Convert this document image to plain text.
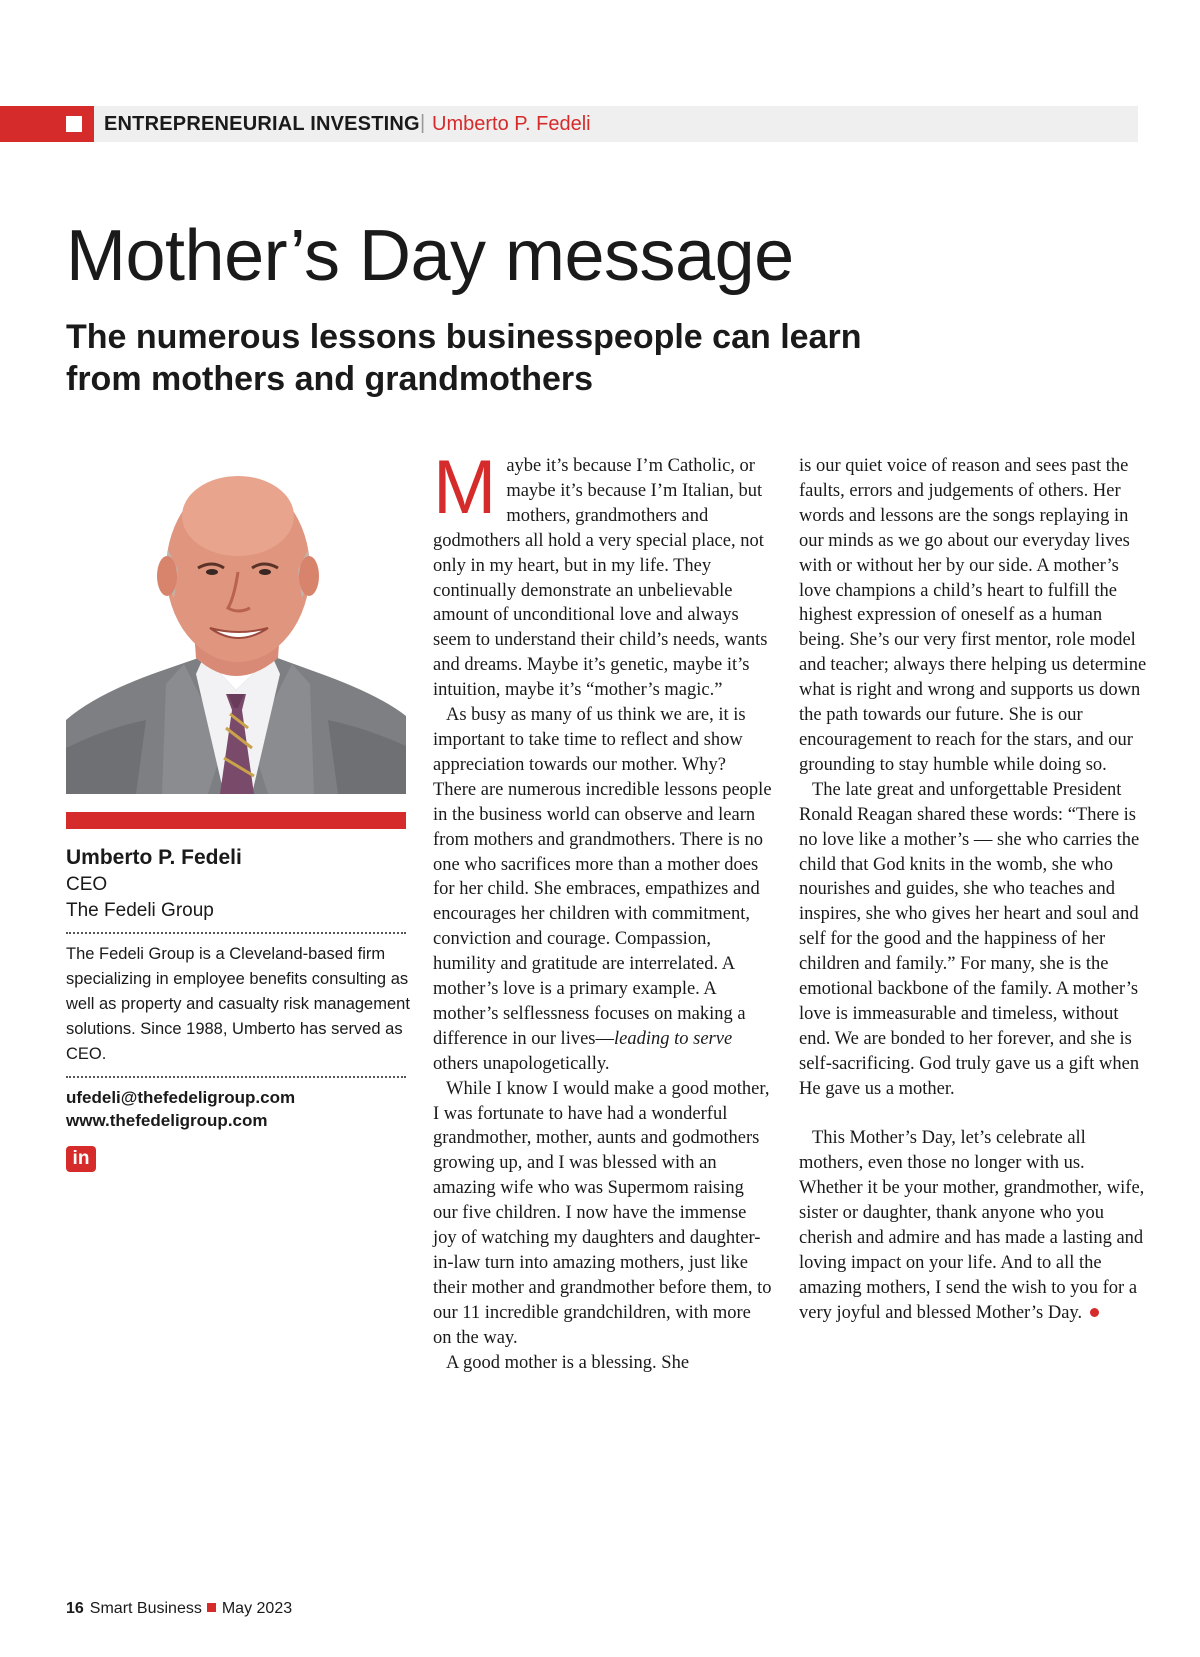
ENTREPRENEURIAL INVESTING | Umberto P. Fedeli
Mother’s Day message
The numerous lessons businesspeople can learn from mothers and grandmothers
Umberto P. Fedeli
CEO
The Fedeli Group

The Fedeli Group is a Cleveland-based firm specializing in employee benefits consulting as well as property and casualty risk management solutions. Since 1988, Umberto has served as CEO.

ufedeli@thefedeligroup.com
www.thefedeligroup.com
in

Maybe it’s because I’m Catholic, or maybe it’s because I’m Italian, but mothers, grandmothers and godmothers all hold a very special place, not only in my heart, but in my life. They continually demonstrate an unbelievable amount of unconditional love and always seem to understand their child’s needs, wants and dreams. Maybe it’s genetic, maybe it’s intuition, maybe it’s “mother’s magic.”

As busy as many of us think we are, it is important to take time to reflect and show appreciation towards our mother. Why? There are numerous incredible lessons people in the business world can observe and learn from mothers and grandmothers. There is no one who sacrifices more than a mother does for her child. She embraces, empathizes and encourages her children with commitment, conviction and courage. Compassion, humility and gratitude are interrelated. A mother’s love is a primary example. A mother’s selflessness focuses on making a difference in our lives—leading to serve others unapologetically.

While I know I would make a good mother, I was fortunate to have had a wonderful grandmother, mother, aunts and godmothers growing up, and I was blessed with an amazing wife who was Supermom raising our five children. I now have the immense joy of watching my daughters and daughter-in-law turn into amazing mothers, just like their mother and grandmother before them, to our 11 incredible grandchildren, with more on the way.

A good mother is a blessing. She

is our quiet voice of reason and sees past the faults, errors and judgements of others. Her words and lessons are the songs replaying in our minds as we go about our everyday lives with or without her by our side. A mother’s love champions a child’s heart to fulfill the highest expression of oneself as a human being. She’s our very first mentor, role model and teacher; always there helping us determine what is right and wrong and supports us down the path towards our future. She is our encouragement to reach for the stars, and our grounding to stay humble while doing so.

The late great and unforgettable President Ronald Reagan shared these words: “There is no love like a mother’s — she who carries the child that God knits in the womb, she who nourishes and guides, she who teaches and inspires, she who gives her heart and soul and self for the good and the happiness of her children and family.” For many, she is the emotional backbone of the family. A mother’s love is immeasurable and timeless, without end. We are bonded to her forever, and she is self-sacrificing. God truly gave us a gift when He gave us a mother.

This Mother’s Day, let’s celebrate all mothers, even those no longer with us. Whether it be your mother, grandmother, wife, sister or daughter, thank anyone who you cherish and admire and has made a lasting and loving impact on your life. And to all the amazing mothers, I send the wish to you for a very joyful and blessed Mother’s Day.

16 Smart Business May 2023
